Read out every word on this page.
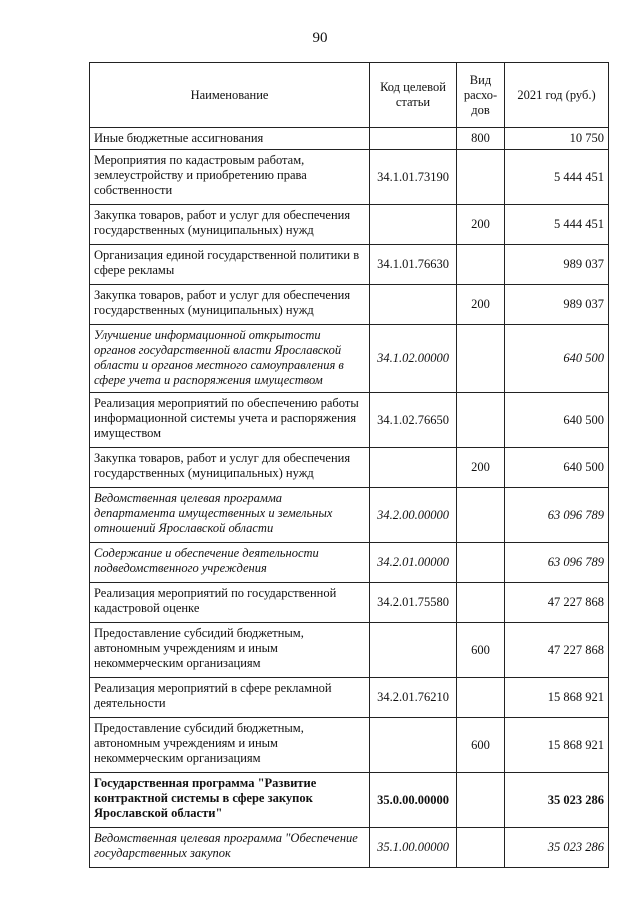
90
Наименование	Код целевой статьи	Вид расхо-дов	2021 год (руб.)
Иные бюджетные ассигнования		800	10 750
Мероприятия по кадастровым работам, землеустройству и приобретению права собственности	34.1.01.73190		5 444 451
Закупка товаров, работ и услуг для обеспечения государственных (муниципальных) нужд		200	5 444 451
Организация единой государственной политики в сфере рекламы	34.1.01.76630		989 037
Закупка товаров, работ и услуг для обеспечения государственных (муниципальных) нужд		200	989 037
Улучшение информационной открытости органов государственной власти Ярославской области и органов местного самоуправления в сфере учета и распоряжения имуществом	34.1.02.00000		640 500
Реализация мероприятий по обеспечению работы информационной системы учета и распоряжения имуществом	34.1.02.76650		640 500
Закупка товаров, работ и услуг для обеспечения государственных (муниципальных) нужд		200	640 500
Ведомственная целевая программа департамента имущественных и земельных отношений Ярославской области	34.2.00.00000		63 096 789
Содержание и обеспечение деятельности подведомственного учреждения	34.2.01.00000		63 096 789
Реализация мероприятий по государственной кадастровой оценке	34.2.01.75580		47 227 868
Предоставление субсидий бюджетным, автономным учреждениям и иным некоммерческим организациям		600	47 227 868
Реализация мероприятий в сфере рекламной деятельности	34.2.01.76210		15 868 921
Предоставление субсидий бюджетным, автономным учреждениям и иным некоммерческим организациям		600	15 868 921
Государственная программа "Развитие контрактной системы в сфере закупок Ярославской области"	35.0.00.00000		35 023 286
Ведомственная целевая программа "Обеспечение государственных закупок	35.1.00.00000		35 023 286
